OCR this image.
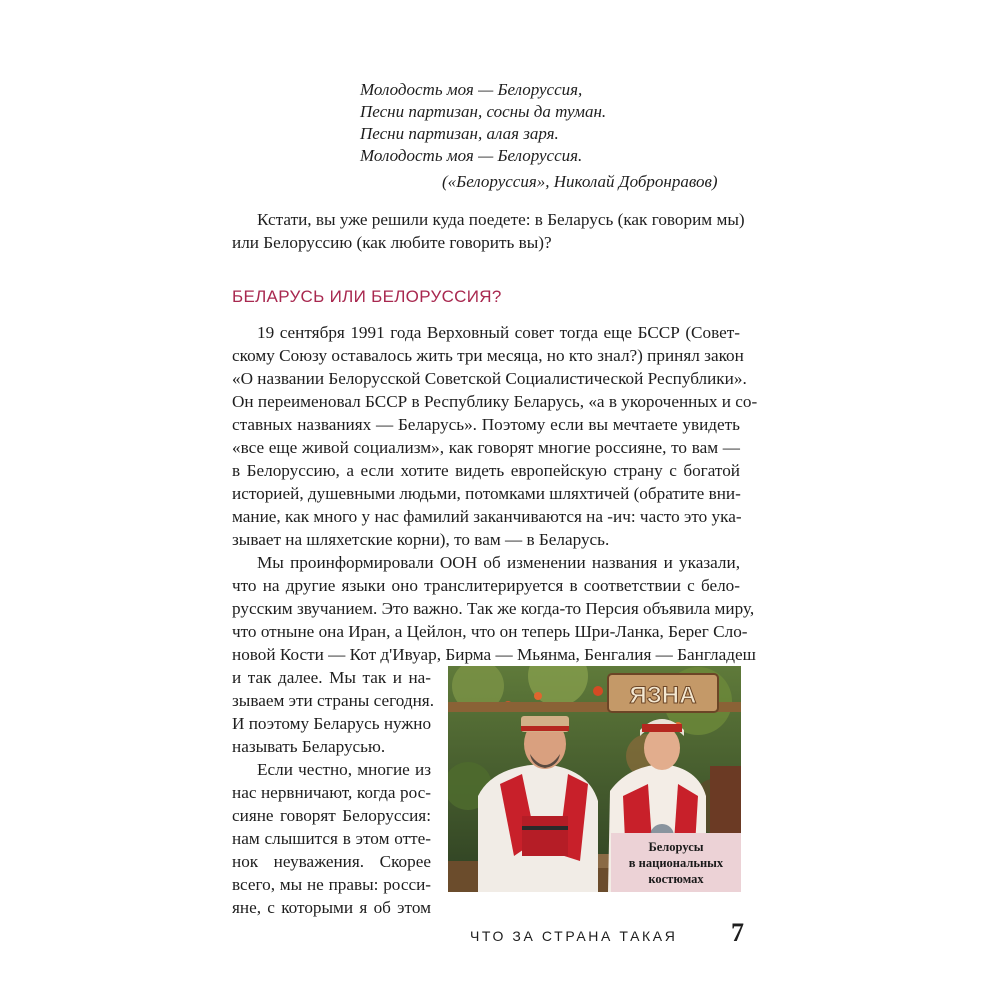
Молодость моя — Белоруссия,
Песни партизан, сосны да туман.
Песни партизан, алая заря.
Молодость моя — Белоруссия.
(«Белоруссия», Николай Добронравов)
Кстати, вы уже решили куда поедете: в Беларусь (как говорим мы)
или Белоруссию (как любите говорить вы)?
БЕЛАРУСЬ ИЛИ БЕЛОРУССИЯ?
19 сентября 1991 года Верховный совет тогда еще БССР (Совет-
скому Союзу оставалось жить три месяца, но кто знал?) принял закон
«О названии Белорусской Советской Социалистической Республики».
Он переименовал БССР в Республику Беларусь, «а в укороченных и со-
ставных названиях — Беларусь». Поэтому если вы мечтаете увидеть
«все еще живой социализм», как говорят многие россияне, то вам —
в Белоруссию, а если хотите видеть европейскую страну с богатой
историей, душевными людьми, потомками шляхтичей (обратите вни-
мание, как много у нас фамилий заканчиваются на -ич: часто это ука-
зывает на шляхетские корни), то вам — в Беларусь.
Мы проинформировали ООН об изменении названия и указали,
что на другие языки оно транслитерируется в соответствии с бело-
русским звучанием. Это важно. Так же когда-то Персия объявила миру,
что отныне она Иран, а Цейлон, что он теперь Шри-Ланка, Берег Сло-
новой Кости — Кот д'Ивуар, Бирма — Мьянма, Бенгалия — Бангладеш
и так далее. Мы так и на-
зываем эти страны сегодня.
И поэтому Беларусь нужно
называть Беларусью.
Если честно, многие из
нас нервничают, когда рос-
сияне говорят Белоруссия:
нам слышится в этом отте-
нок неуважения. Скорее
всего, мы не правы: росси-
яне, с которыми я об этом
ЯЗНА
Белорусы
в национальных
костюмах
ЧТО ЗА СТРАНА ТАКАЯ 7
